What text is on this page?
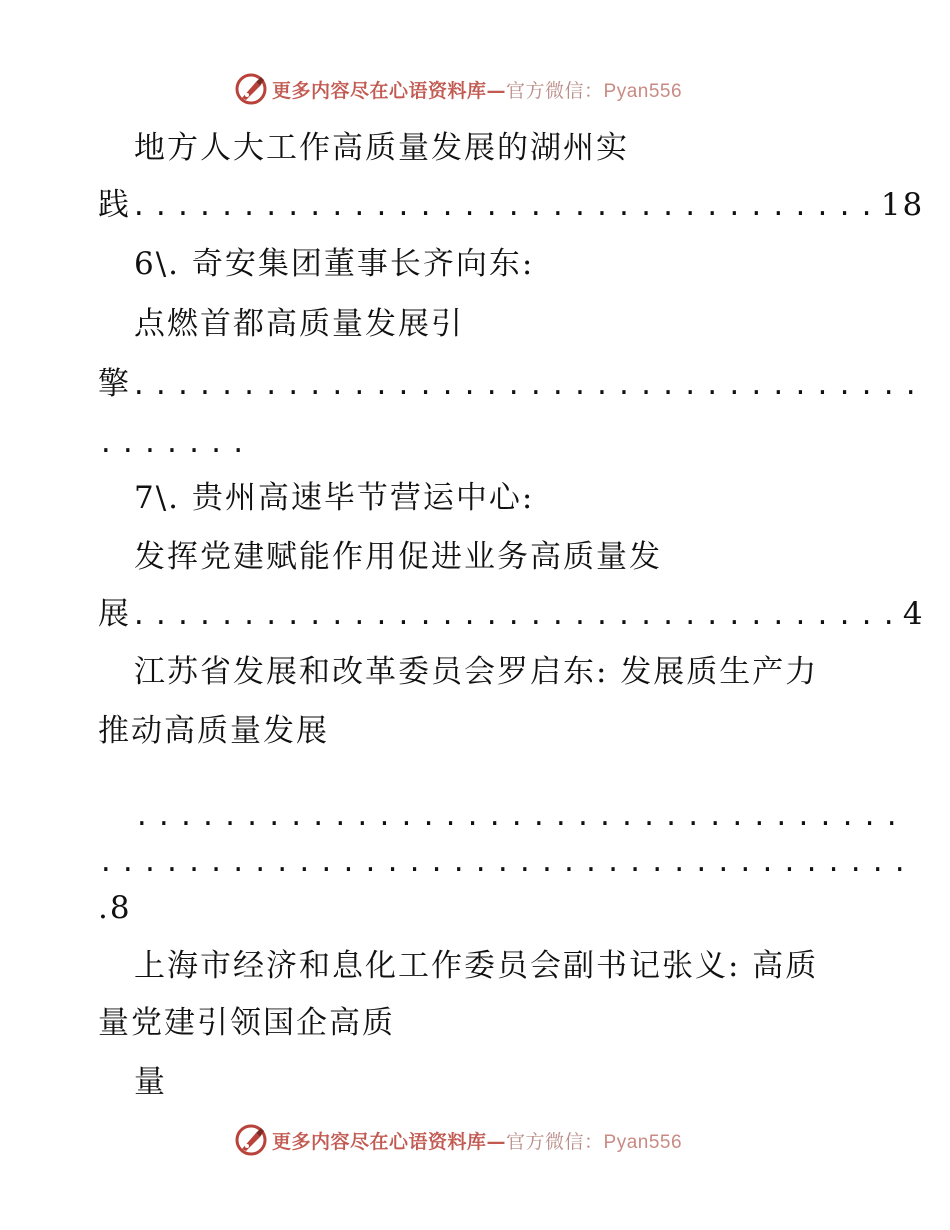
更多内容尽在心语资料库—官方微信：Pyan556
地方人大工作高质量发展的湖州实
践..................................18
6\. 奇安集团董事长齐向东:
点燃首都高质量发展引
擎....................................
.......
7\. 贵州高速毕节营运中心:
发挥党建赋能作用促进业务高质量发
展...................................4
江苏省发展和改革委员会罗启东: 发展质生产力
推动高质量发展
...................................
.....................................
.8
上海市经济和息化工作委员会副书记张义: 高质
量党建引领国企高质
量
更多内容尽在心语资料库—官方微信：Pyan556
